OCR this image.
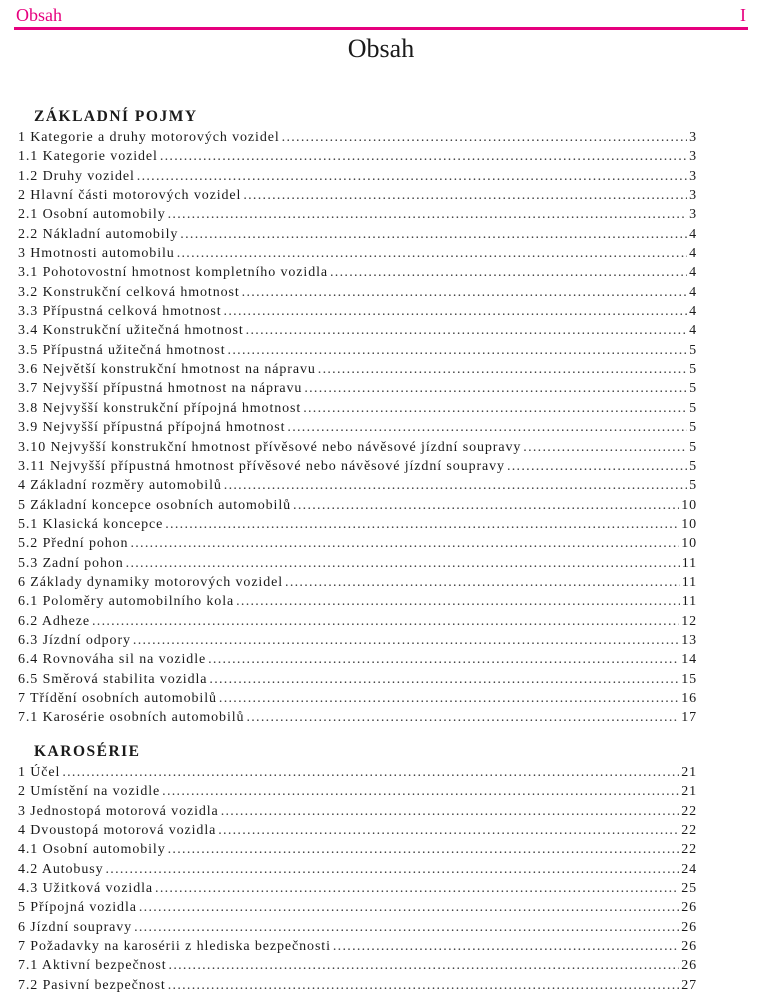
Obsah	I
Obsah
ZÁKLADNÍ POJMY
1 Kategorie a druhy motorových vozidel .....	3
1.1 Kategorie vozidel .....	3
1.2 Druhy vozidel .....	3
2 Hlavní části motorových vozidel .....	3
2.1 Osobní automobily .....	3
2.2 Nákladní automobily .....	4
3 Hmotnosti automobilu .....	4
3.1 Pohotovostní hmotnost kompletního vozidla .....	4
3.2 Konstrukční celková hmotnost .....	4
3.3 Přípustná celková hmotnost .....	4
3.4 Konstrukční užitečná hmotnost .....	4
3.5 Přípustná užitečná hmotnost .....	5
3.6 Největší konstrukční hmotnost na nápravu .....	5
3.7 Nejvyšší přípustná hmotnost na nápravu .....	5
3.8 Nejvyšší konstrukční přípojná hmotnost .....	5
3.9 Nejvyšší přípustná přípojná hmotnost .....	5
3.10 Nejvyšší konstrukční hmotnost přívěsové nebo návěsové jízdní soupravy .....	5
3.11 Nejvyšší přípustná hmotnost přívěsové nebo návěsové jízdní soupravy .....	5
4 Základní rozměry automobilů .....	5
5 Základní koncepce osobních automobilů .....	10
5.1 Klasická koncepce .....	10
5.2 Přední pohon .....	10
5.3 Zadní pohon .....	11
6 Základy dynamiky motorových vozidel .....	11
6.1 Poloměry automobilního kola .....	11
6.2 Adheze .....	12
6.3 Jízdní odpory .....	13
6.4 Rovnováha sil na vozidle .....	14
6.5 Směrová stabilita vozidla .....	15
7 Třídění osobních automobilů .....	16
7.1 Karosérie osobních automobilů .....	17
KAROSÉRIE
1 Účel .....	21
2 Umístění na vozidle .....	21
3 Jednostopá motorová vozidla .....	22
4 Dvoustopá motorová vozidla .....	22
4.1 Osobní automobily .....	22
4.2 Autobusy .....	24
4.3 Užitková vozidla .....	25
5 Přípojná vozidla .....	26
6 Jízdní soupravy .....	26
7 Požadavky na karosérii z hlediska bezpečnosti .....	26
7.1 Aktivní bezpečnost .....	26
7.2 Pasivní bezpečnost .....	27
